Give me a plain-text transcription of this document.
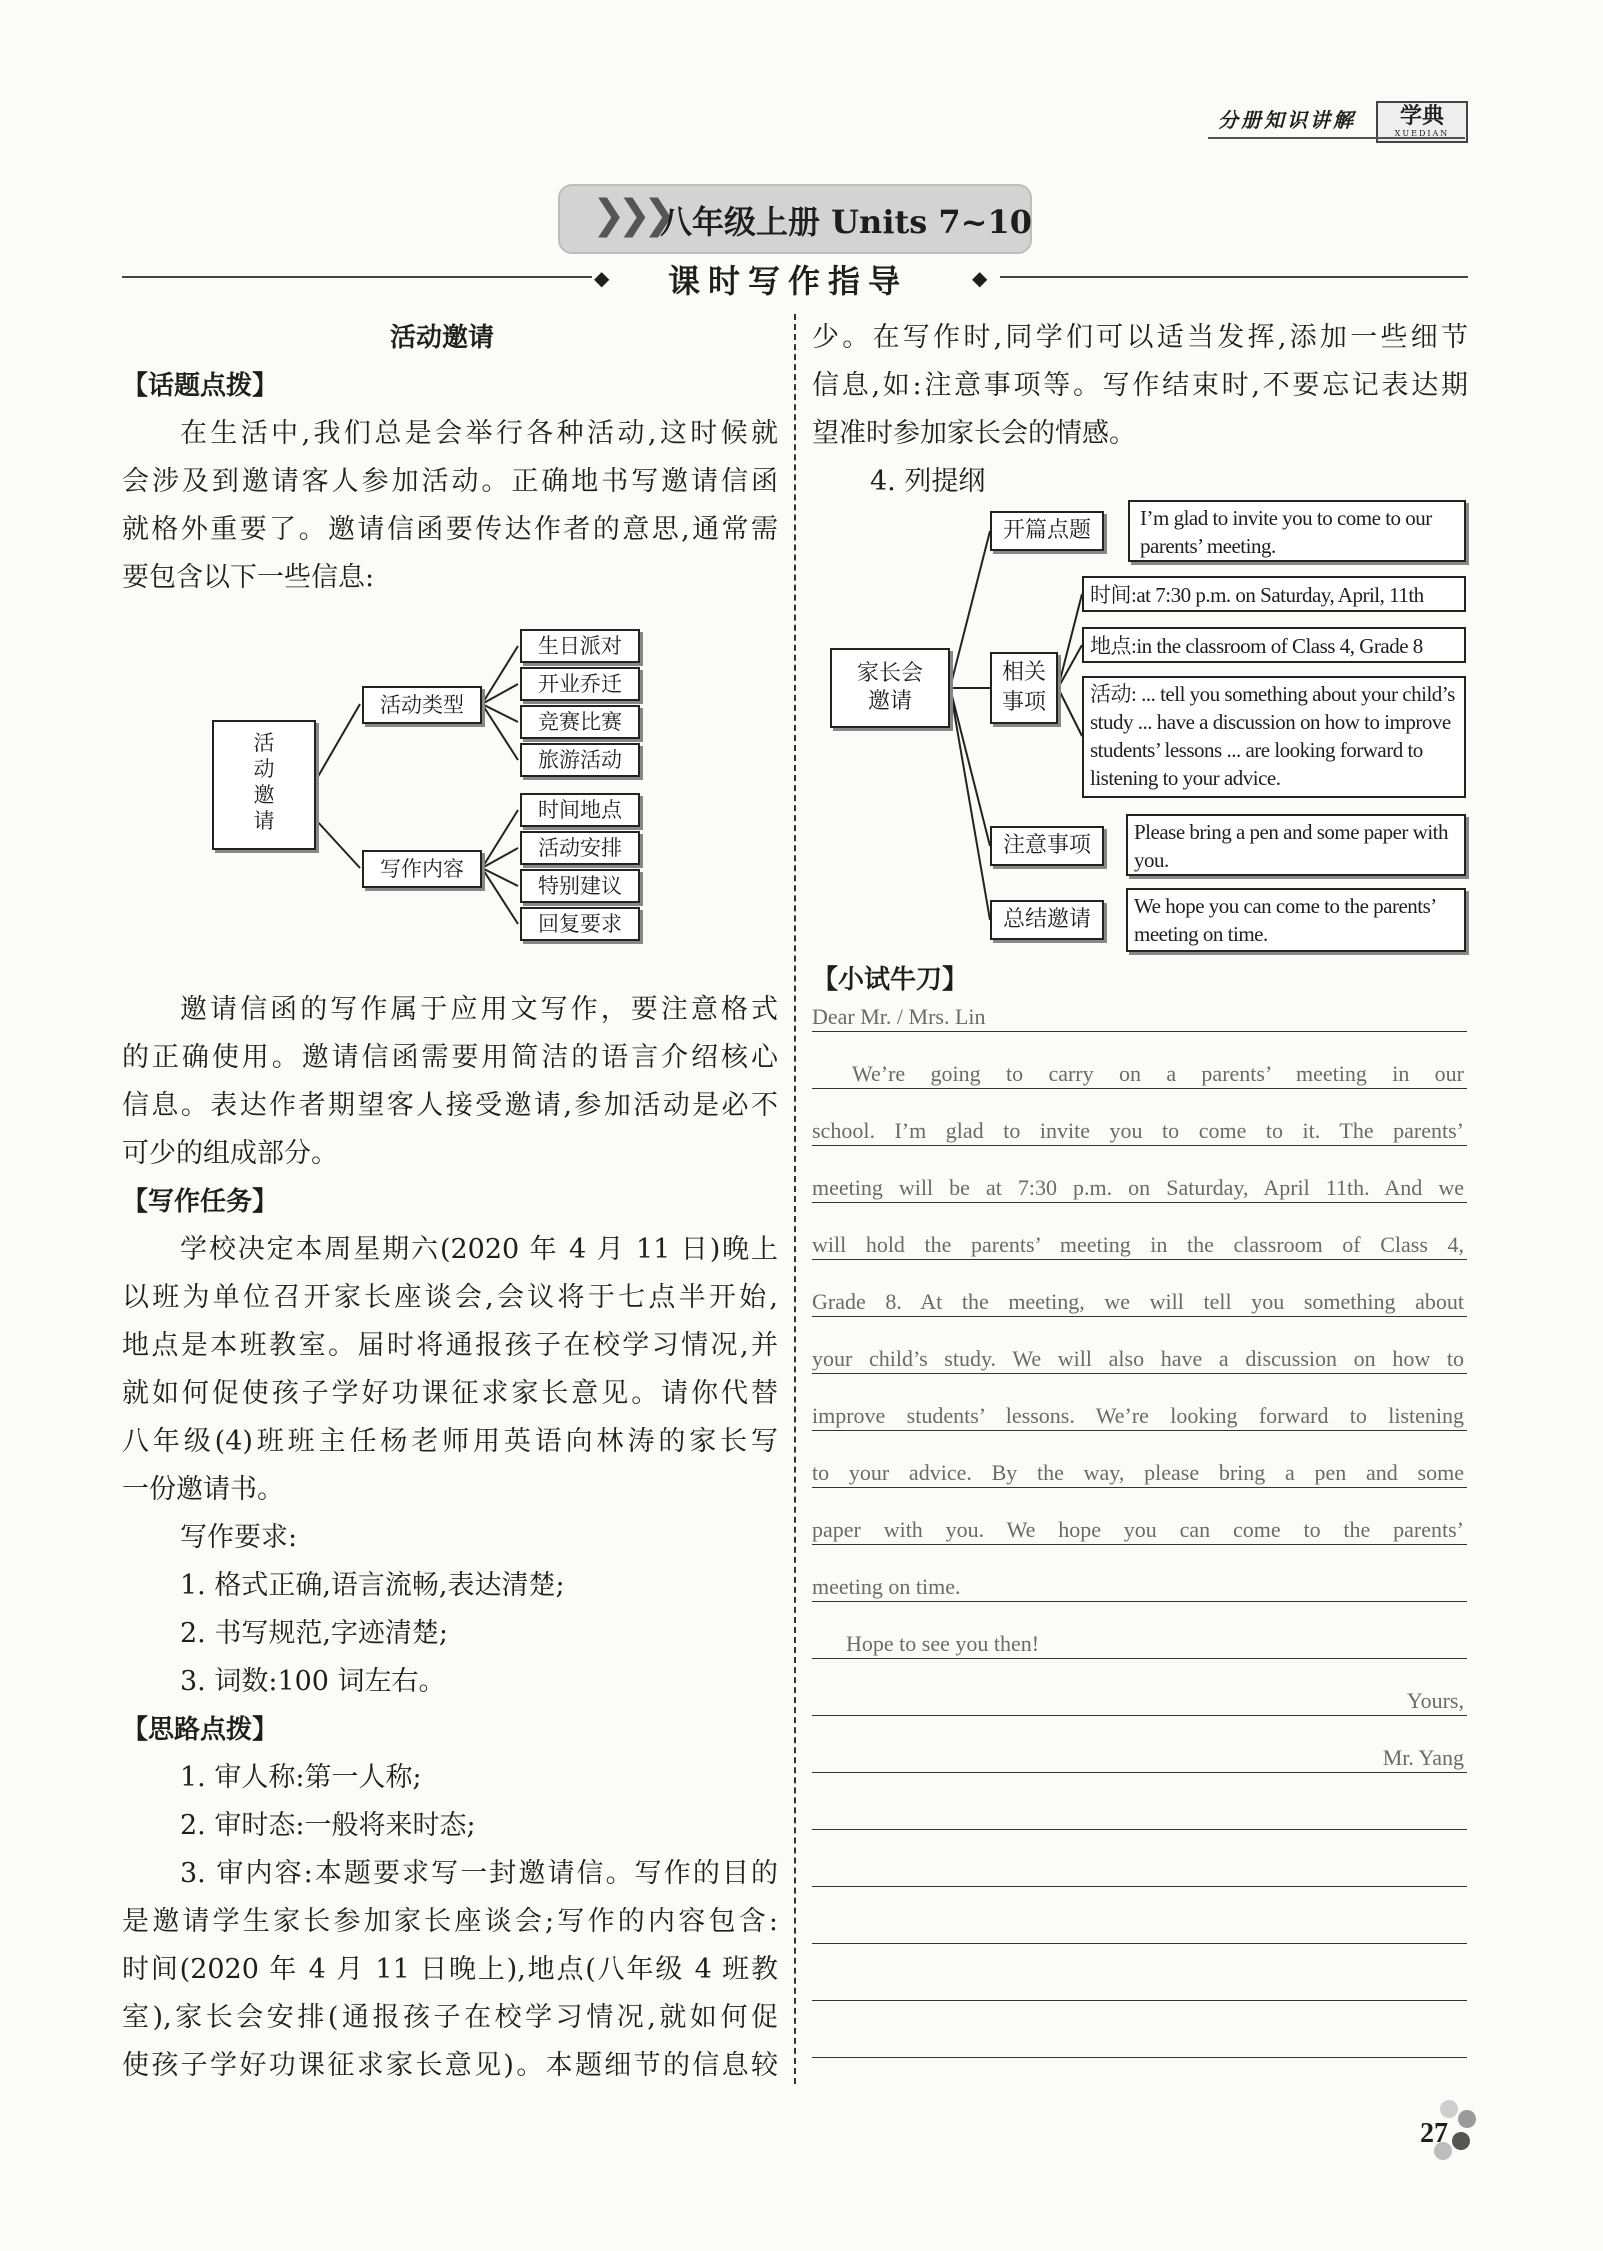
分册知识讲解	学典
XUEDIAN
❯❯❯
八年级上册 Units 7~10
◆ 课时写作指导	◆
活动邀请
【话题点拨】
在生活中,我们总是会举行各种活动,这时候就
会涉及到邀请客人参加活动。正确地书写邀请信函
就格外重要了。邀请信函要传达作者的意思,通常需
要包含以下一些信息:
活动邀请
活动类型
写作内容
生日派对
开业乔迁
竞赛比赛
旅游活动
时间地点
活动安排
特别建议
回复要求
邀请信函的写作属于应用文写作，要注意格式
的正确使用。邀请信函需要用简洁的语言介绍核心
信息。表达作者期望客人接受邀请,参加活动是必不
可少的组成部分。
【写作任务】
学校决定本周星期六(2020 年 4 月 11 日)晚上
以班为单位召开家长座谈会,会议将于七点半开始,
地点是本班教室。届时将通报孩子在校学习情况,并
就如何促使孩子学好功课征求家长意见。请你代替
八年级(4)班班主任杨老师用英语向林涛的家长写
一份邀请书。
写作要求:
1. 格式正确,语言流畅,表达清楚;
2. 书写规范,字迹清楚;
3. 词数:100 词左右。
【思路点拨】
1. 审人称:第一人称;
2. 审时态:一般将来时态;
3. 审内容:本题要求写一封邀请信。写作的目的
是邀请学生家长参加家长座谈会;写作的内容包含:
时间(2020 年 4 月 11 日晚上),地点(八年级 4 班教
室),家长会安排(通报孩子在校学习情况,就如何促
使孩子学好功课征求家长意见)。本题细节的信息较
少。在写作时,同学们可以适当发挥,添加一些细节
信息,如:注意事项等。写作结束时,不要忘记表达期
望准时参加家长会的情感。
4. 列提纲
家长会邀请
开篇点题	I’m glad to invite you to come to our parents’ meeting.
相关事项
时间:at 7:30 p.m. on Saturday, April, 11th
地点:in the classroom of Class 4, Grade 8
活动: ... tell you something about your child’s study ... have a discussion on how to improve students’ lessons ... are looking forward to listening to your advice.
注意事项
Please bring a pen and some paper with you.
总结邀请
We hope you can come to the parents’ meeting on time.
【小试牛刀】
Dear Mr. / Mrs. Lin
We’re going to carry on a parents’ meeting in our
school. I’m glad to invite you to come to it. The parents’
meeting will be at 7:30 p.m. on Saturday, April 11th. And we
will hold the parents’ meeting in the classroom of Class 4,
Grade 8. At the meeting, we will tell you something about
your child’s study. We will also have a discussion on how to
improve students’ lessons. We’re looking forward to listening
to your advice. By the way, please bring a pen and some
paper with you. We hope you can come to the parents’
meeting on time.
Hope to see you then!
Yours,
Mr. Yang
27
